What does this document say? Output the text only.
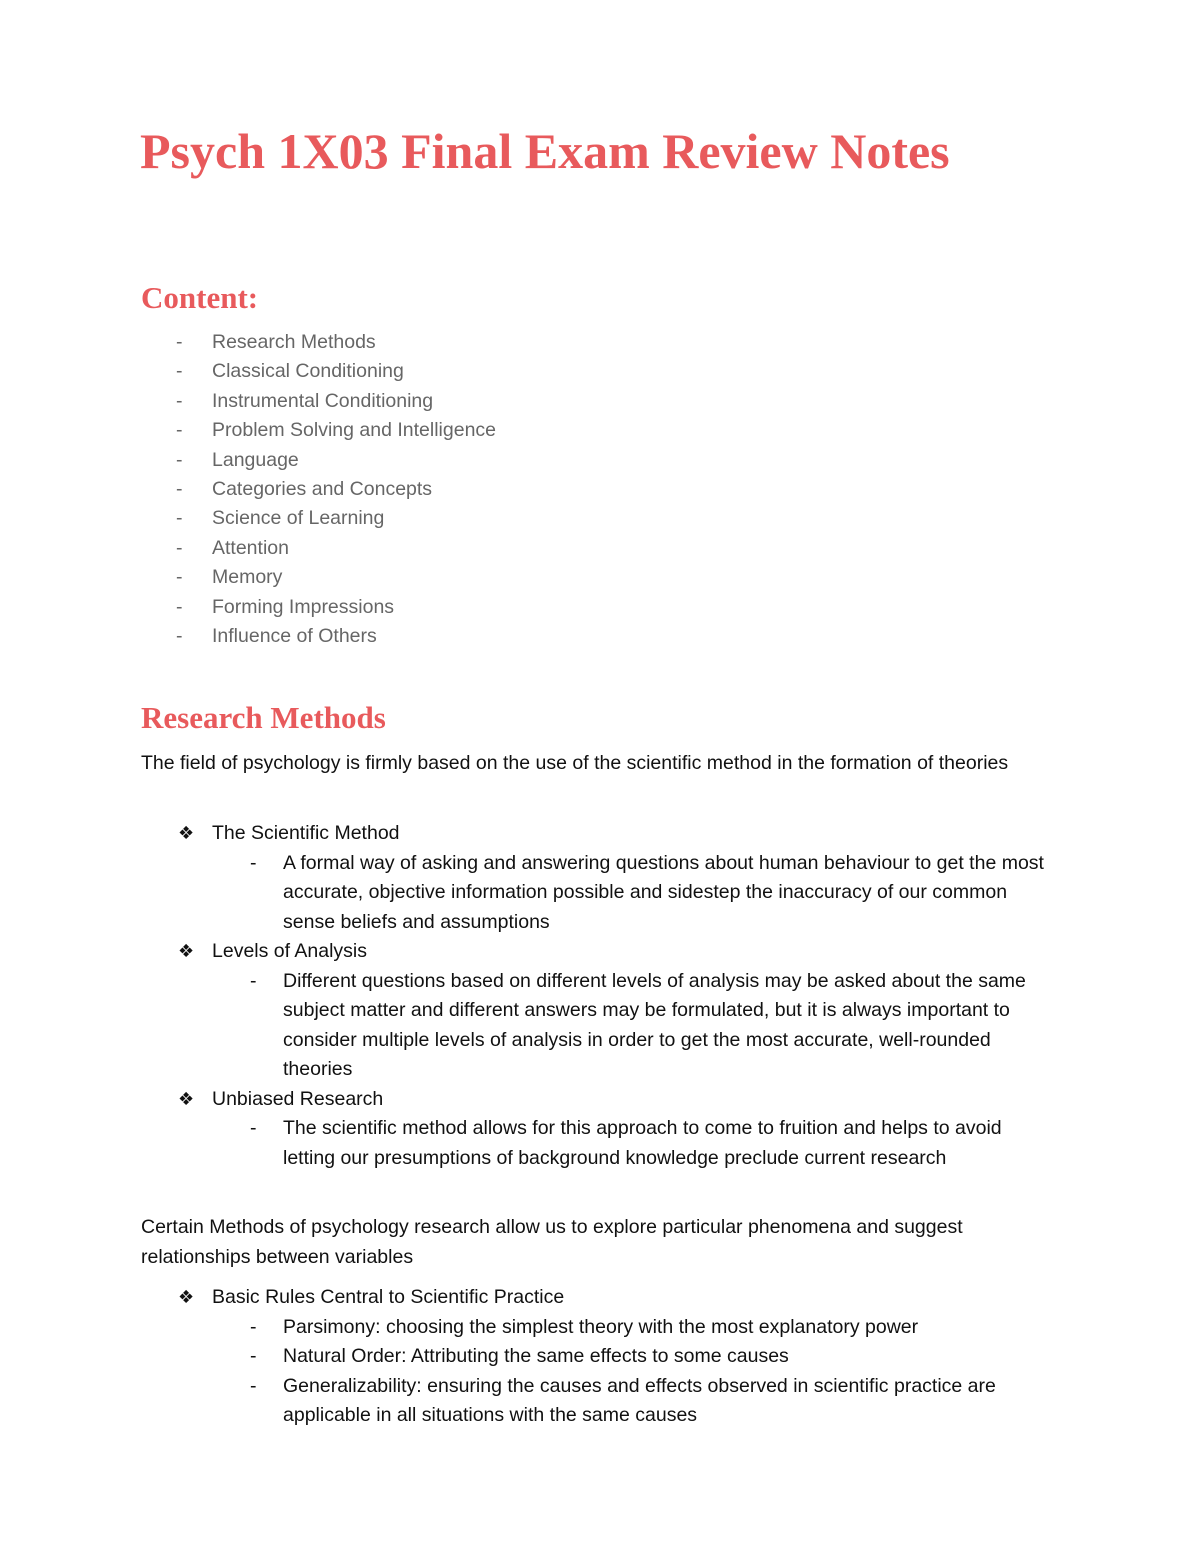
Psych 1X03 Final Exam Review Notes
Content:
- Research Methods
- Classical Conditioning
- Instrumental Conditioning
- Problem Solving and Intelligence
- Language
- Categories and Concepts
- Science of Learning
- Attention
- Memory
- Forming Impressions
- Influence of Others
Research Methods

The field of psychology is firmly based on the use of the scientific method in the formation of theories

❖ The Scientific Method
- A formal way of asking and answering questions about human behaviour to get the most accurate, objective information possible and sidestep the inaccuracy of our common sense beliefs and assumptions
❖ Levels of Analysis
- Different questions based on different levels of analysis may be asked about the same subject matter and different answers may be formulated, but it is always important to consider multiple levels of analysis in order to get the most accurate, well-rounded theories
❖ Unbiased Research
- The scientific method allows for this approach to come to fruition and helps to avoid letting our presumptions of background knowledge preclude current research

Certain Methods of psychology research allow us to explore particular phenomena and suggest relationships between variables

❖ Basic Rules Central to Scientific Practice
- Parsimony: choosing the simplest theory with the most explanatory power
- Natural Order: Attributing the same effects to some causes
- Generalizability: ensuring the causes and effects observed in scientific practice are applicable in all situations with the same causes
